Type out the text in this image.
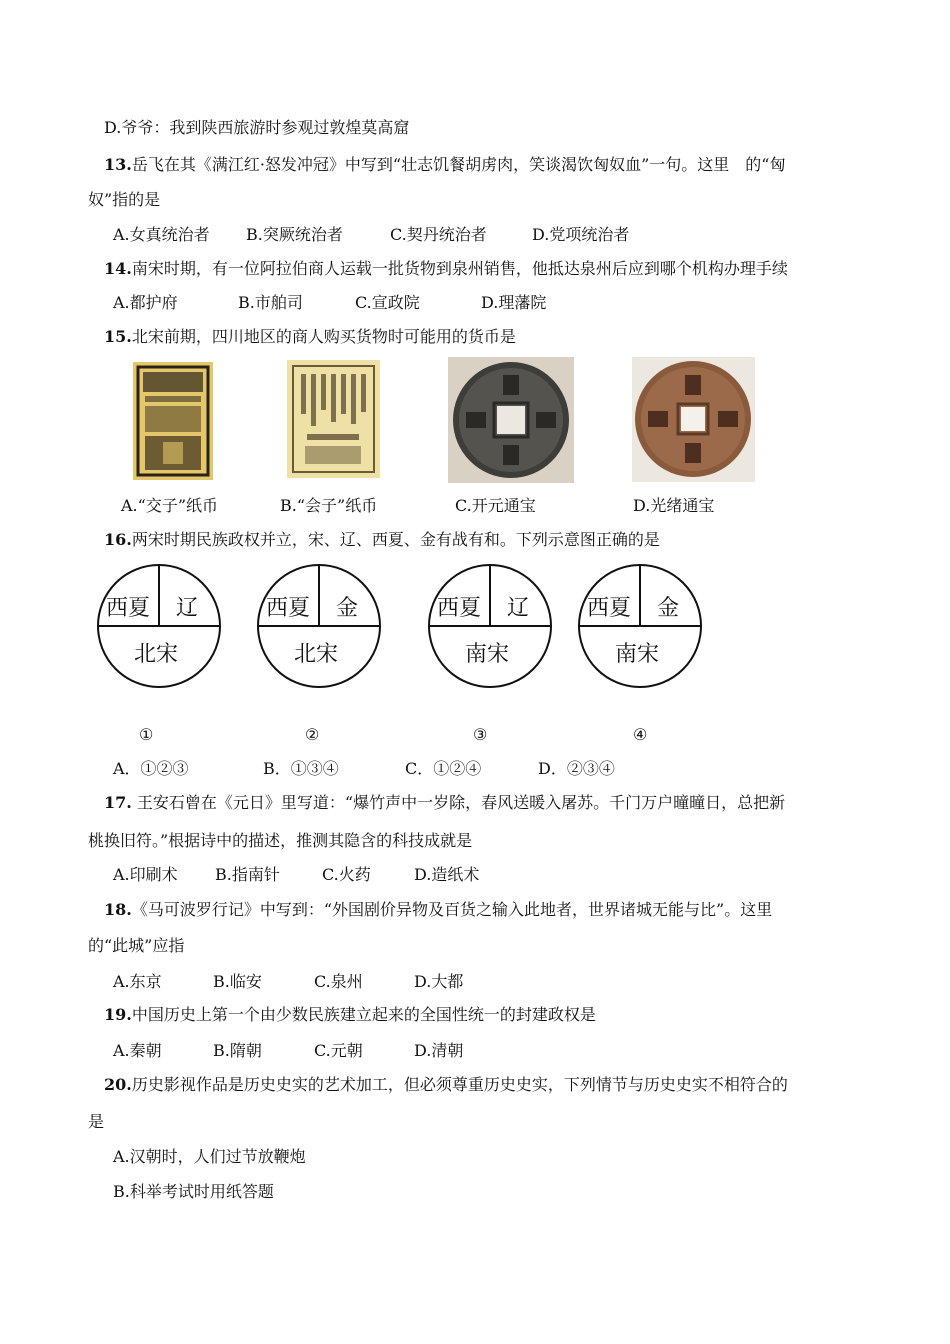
D.爷爷：我到陕西旅游时参观过敦煌莫高窟
13.岳飞在其《满江红·怒发冲冠》中写到“壮志饥餐胡虏肉，笑谈渴饮匈奴血”一句。这里　的“匈
奴”指的是
A.女真统治者 B.突厥统治者	C.契丹统治者	D.党项统治者
14.南宋时期，有一位阿拉伯商人运载一批货物到泉州销售，他抵达泉州后应到哪个机构办理手续
A.都护府	B.市舶司	C.宣政院	D.理藩院
15.北宋前期，四川地区的商人购买货物时可能用的货币是
A.“交子”纸币	B.“会子”纸币	C.开元通宝	D.光绪通宝
16.两宋时期民族政权并立，宋、辽、西夏、金有战有和。下列示意图正确的是
西夏 辽
北宋
西夏 金
北宋
西夏 辽
南宋
西夏 金
南宋
①	②	③	④
A．①②③	B．①③④	C．①②④	D．②③④
17. 王安石曾在《元日》里写道：“爆竹声中一岁除，春风送暖入屠苏。千门万户曈曈日，总把新
桃换旧符。”根据诗中的描述，推测其隐含的科技成就是
A.印刷术 B.指南针	C.火药	D.造纸术
18.《马可波罗行记》中写到：“外国剧价异物及百货之输入此地者，世界诸城无能与比”。这里
的“此城”应指
A.东京	B.临安	C.泉州	D.大都
19.中国历史上第一个由少数民族建立起来的全国性统一的封建政权是
A.秦朝	B.隋朝	C.元朝	D.清朝
20.历史影视作品是历史史实的艺术加工，但必须尊重历史史实，下列情节与历史史实不相符合的
是
A.汉朝时，人们过节放鞭炮
B.科举考试时用纸答题
